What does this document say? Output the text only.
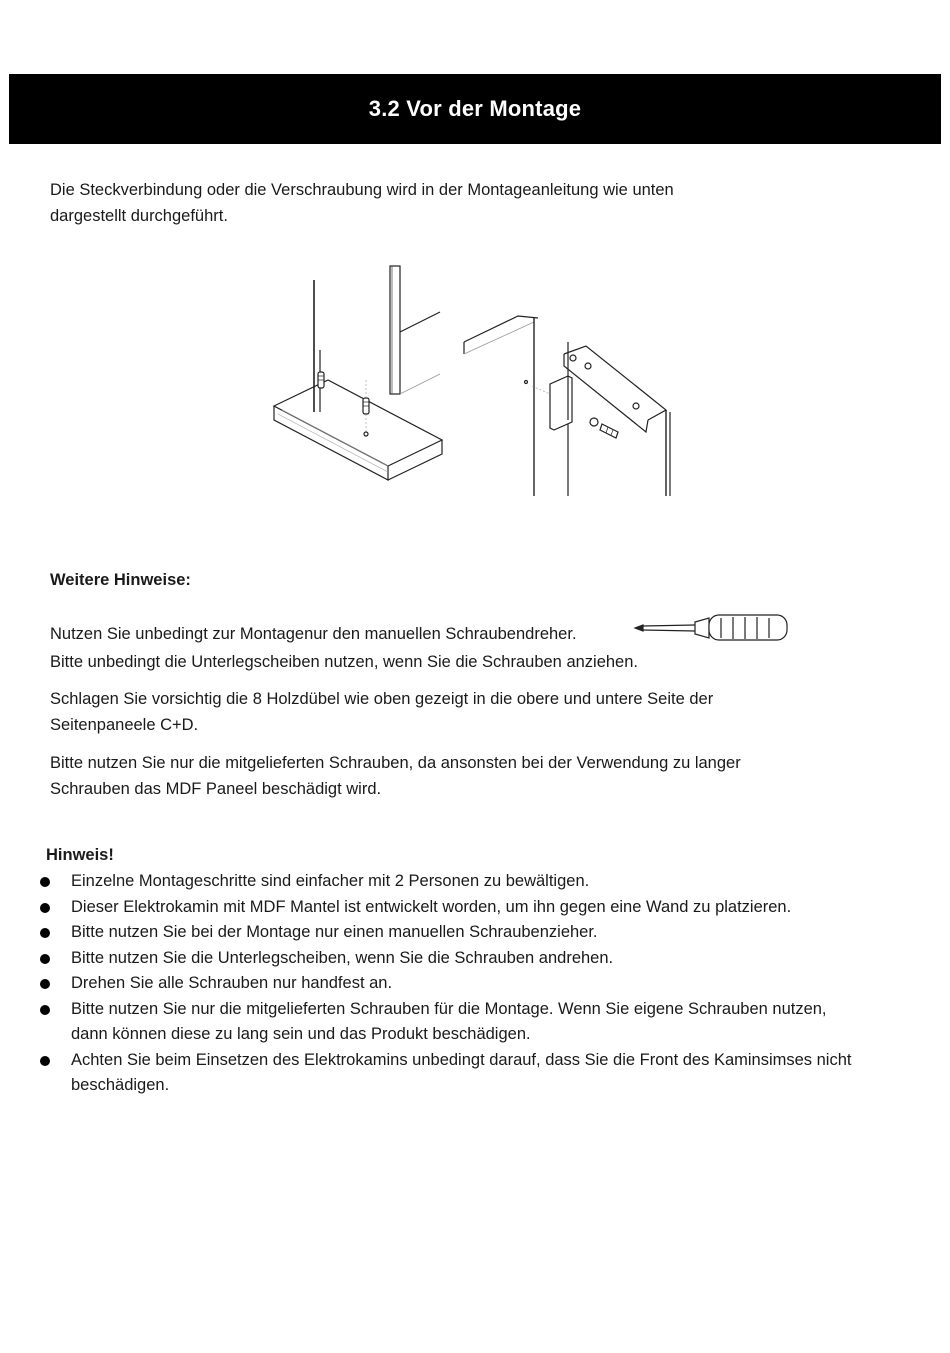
3.2 Vor der Montage

Die Steckverbindung oder die Verschraubung wird in der Montageanleitung wie unten
dargestellt durchgeführt.

Weitere Hinweise:

Nutzen Sie unbedingt zur Montagenur den manuellen Schraubendreher.

Bitte unbedingt die Unterlegscheiben nutzen, wenn Sie die Schrauben anziehen.

Schlagen Sie vorsichtig die 8 Holzdübel wie oben gezeigt in die obere und untere Seite der
Seitenpaneele C+D.

Bitte nutzen Sie nur die mitgelieferten Schrauben, da ansonsten bei der Verwendung zu langer
Schrauben das MDF Paneel beschädigt wird.

Hinweis!

Einzelne Montageschritte sind einfacher mit 2 Personen zu bewältigen.
Dieser Elektrokamin mit MDF Mantel ist entwickelt worden, um ihn gegen eine Wand zu platzieren.
Bitte nutzen Sie bei der Montage nur einen manuellen Schraubenzieher.
Bitte nutzen Sie die Unterlegscheiben, wenn Sie die Schrauben andrehen.
Drehen Sie alle Schrauben nur handfest an.
Bitte nutzen Sie nur die mitgelieferten Schrauben für die Montage. Wenn Sie eigene Schrauben nutzen,
dann können diese zu lang sein und das Produkt beschädigen.
Achten Sie beim Einsetzen des Elektrokamins unbedingt darauf, dass Sie die Front des Kaminsimses nicht
beschädigen.
